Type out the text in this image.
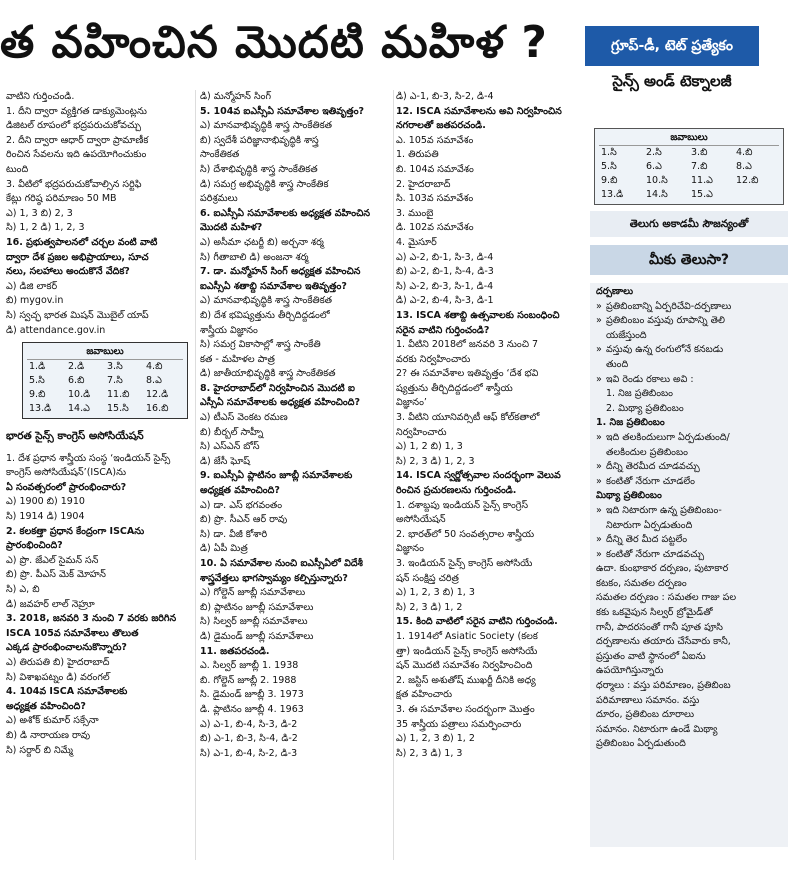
త వహించిన మొదటి మహిళ ?	గ్రూప్‌-డీ, టెట్ ప్రత్యేకం
సైన్స్ అండ్ టెక్నాలజీ
వాటిని గుర్తించండి.
1. దీని ద్వారా వ్యక్తిగత డాక్యుమెంట్లను
డిజిటల్ రూపంలో భద్రపరుచుకోవచ్చు
2. దీని ద్వారా ఆధార్ ద్వారా ప్రామాణీక
రించిన సేవలను ఇది ఉపయోగించుకుం
టుంది
3. వీటిలో భద్రపరుచుకోవాల్సిన సర్టిఫి
కేట్లు గరిష్ఠ పరిమాణం 50 MB
ఎ) 1, 3 బి) 2, 3
సి) 1, 2 డి) 1, 2, 3
16. ప్రభుత్వపాలనలో చర్చల వంటి వాటి
ద్వారా దేశ ప్రజల అభిప్రాయాలు, సూచ
నలు, సలహాలు అందుకొనే వేదిక?
ఎ) డిజి లాకర్
బి) mygov.in
సి) స్వచ్ఛ భారత మిషన్ మొబైల్ యాప్
డి) attendance.gov.in
జవాబులు
1.డి	2.డి	3.సి	4.బి
5.సి	6.బి	7.సి	8.ఎ
9.బి	10.డి	11.బి	12.డి
13.డి	14.ఎ	15.సి	16.బి
భారత సైన్స్ కాంగ్రెస్ అసోసియేషన్
1. దేశ ప్రధాన శాస్త్రీయ సంస్థ ‘ఇండియన్ సైన్స్
కాంగ్రెస్ అసోసియేషన్’(ISCA)ను
ఏ సంవత్సరంలో ప్రారంభించారు?
ఎ) 1900 బి) 1910
సి) 1914 డి) 1904
2. కలకత్తా ప్రధాన కేంద్రంగా ISCAను
ప్రారంభించింది?
ఎ) ప్రొ. జేఎల్ సైమన్ సన్
బి) ప్రొ. పీఎస్ మెక్ మోహన్
సి) ఎ, బి
డి) జవహర్ లాల్ నెహ్రూ
3. 2018, జనవరి 3 నుంచి 7 వరకు జరిగిన
ISCA 105వ సమావేశాలు తొలుత
ఎక్కడ ప్రారంభించాలనుకొన్నారు?
ఎ) తిరుపతి బి) హైదరాబాద్
సి) విశాఖపట్నం డి) వరంగల్
4. 104వ ISCA సమావేశాలకు
అధ్యక్షత వహించింది?
ఎ) అశోక్ కుమార్ సక్సేనా
బి) డి నారాయణ రావు
సి) సర్దార్ బి నిమ్మే
డి) మన్మోహన్ సింగ్
5. 104వ ఐఎస్సీఏ సమావేశాల ఇతివృత్తం?
ఎ) మానవాభివృద్ధికి శాస్త్ర సాంకేతికత
బి) స్వదేశీ పరిజ్ఞానాభివృద్ధికి శాస్త్ర
సాంకేతికత
సి) దేశాభివృద్ధికి శాస్త్ర సాంకేతికత
డి) సమగ్ర అభివృద్ధికి శాస్త్ర సాంకేతిక
పరిశ్రమలు
6. ఐఎస్సీఏ సమావేశాలకు అధ్యక్షత వహించిన
మొదటి మహిళ?
ఎ) అసీమా ఛటర్జీ బి) అర్చనా శర్మ
సి) గీతాబాలి డి) అంజనా శర్మ
7. డా. మన్మోహన్ సింగ్ అధ్యక్షత వహించిన
ఐఎస్సీఏ శతాబ్ది సమావేశాల ఇతివృత్తం?
ఎ) మానవాభివృద్ధికి శాస్త్ర సాంకేతికత
బి) దేశ భవిష్యత్తును తీర్చిదిద్దడంలో
శాస్త్రీయ విజ్ఞానం
సి) సమగ్ర వికాసాల్లో శాస్త్ర సాంకేతి
కత - మహిళల పాత్ర
డి) జాతీయాభివృద్ధికి శాస్త్ర సాంకేతికత
8. హైదరాబాద్‌లో నిర్వహించిన మొదటి ఐ
ఎస్సీఏ సమావేశాలకు అధ్యక్షత వహించింది?
ఎ) టీఎస్ వెంకట రమణ
బి) బీర్బల్ సాహ్నీ
సి) ఎస్ఎన్ బోస్
డి) జేసీ ఘోష్
9. ఐఎస్సీఏ ప్లాటినం జూబ్లీ సమావేశాలకు
అధ్యక్షత వహించింది?
ఎ) డా. ఎస్ భగవంతం
బి) ప్రొ. సీఎన్ ఆర్ రావు
సి) డా. వీజీ కోశారి
డి) ఏపీ మిత్ర
10. ఏ సమావేశాల నుంచి ఐఎస్సీఏలో విదేశీ
శాస్త్రవేత్తలు భాగస్వామ్యం కల్పిస్తున్నారు?
ఎ) గోల్డెన్ జూబ్లీ సమావేశాలు
బి) ప్లాటినం జూబ్లీ సమావేశాలు
సి) సిల్వర్ జూబ్లీ సమావేశాలు
డి) డైమండ్ జూబ్లీ సమావేశాలు
11. జతపరచండి.
ఎ. సిల్వర్ జూబ్లీ 1. 1938
బి. గోల్డెన్ జూబ్లీ 2. 1988
సి. డైమండ్ జూబ్లీ 3. 1973
డి. ప్లాటినం జూబ్లీ 4. 1963
ఎ) ఎ-1, బి-4, సి-3, డి-2
బి) ఎ-1, బి-3, సి-4, డి-2
సి) ఎ-1, బి-4, సి-2, డి-3
డి) ఎ-1, బి-3, సి-2, డి-4
12. ISCA సమావేశాలను అవి నిర్వహించిన
నగరాలతో జతపరచండి.
ఎ. 105వ సమావేశం
1. తిరుపతి
బి. 104వ సమావేశం
2. హైదరాబాద్
సి. 103వ సమావేశం
3. ముంబై
డి. 102వ సమావేశం
4. మైసూర్
ఎ) ఎ-2, బి-1, సి-3, డి-4
బి) ఎ-2, బి-1, సి-4, డి-3
సి) ఎ-2, బి-3, సి-1, డి-4
డి) ఎ-2, బి-4, సి-3, డి-1
13. ISCA శతాబ్ది ఉత్సవాలకు సంబంధించి
సరైన వాటిని గుర్తించండి?
1. వీటిని 2018లో జనవరి 3 నుంచి 7
వరకు నిర్వహించారు
2? ఈ సమావేశాల ఇతివృత్తం ‘దేశ భవి
ష్యత్తును తీర్చిదిద్దడంలో శాస్త్రీయ
విజ్ఞానం’
3. వీటిని యూనివర్సిటీ ఆఫ్ కోల్‌కతాలో
నిర్వహించారు
ఎ) 1, 2 బి) 1, 3
సి) 2, 3 డి) 1, 2, 3
14. ISCA స్వర్ణోత్సవాల సందర్భంగా వెలువ
రించిన ప్రచురణలను గుర్తించండి.
1. దశాబ్దపు ఇండియన్ సైన్స్ కాంగ్రెస్
అసోసియేషన్
2. భారత్‌లో 50 సంవత్సరాల శాస్త్రీయ
విజ్ఞానం
3. ఇండియన్ సైన్స్ కాంగ్రెస్ అసోసియే
షన్ సంక్షిప్త చరిత్ర
ఎ) 1, 2, 3 బి) 1, 3
సి) 2, 3 డి) 1, 2
15. కింది వాటిలో సరైన వాటిని గుర్తించండి.
1. 1914లో Asiatic Society (కలక
త్తా) ఇండియన్ సైన్స్ కాంగ్రెస్ అసోసియే
షన్ మొదటి సమావేశం నిర్వహించింది
2. జస్టిస్ అశుతోష్ ముఖర్జీ దీనికి అధ్య
క్షత వహించారు
3. ఈ సమావేశాల సందర్భంగా మొత్తం
35 శాస్త్రీయ పత్రాలు సమర్పించారు
ఎ) 1, 2, 3 బి) 1, 2
సి) 2, 3 డి) 1, 3
జవాబులు
1.సి	2.సి	3.బి	4.బి
5.సి	6.ఎ	7.బి	8.ఎ
9.బి	10.సి	11.ఎ	12.బి
13.డి	14.సి	15.ఎ	
తెలుగు అకాడమీ సౌజన్యంతో
మీకు తెలుసా?
దర్పణాలు
» ప్రతిబింబాన్ని ఏర్పరిచేవి-దర్పణాలు
» ప్రతిబింబం వస్తువు రూపాన్ని తెలి
యజేస్తుంది
» వస్తువు ఉన్న రంగులోనే కనబడు
తుంది
» ఇవి రెండు రకాలు అవి :
1. నిజ ప్రతిబింబం
2. మిథ్యా ప్రతిబింబం
1. నిజ ప్రతిబింబం
» ఇది తలకిందులుగా ఏర్పడుతుంది/
తలకిందుల ప్రతిబింబం
» దీన్ని తెరమీద చూడవచ్చు
» కంటితో నేరుగా చూడలేం
మిథ్యా ప్రతిబింబం
» ఇది నిటారుగా ఉన్న ప్రతిబింబం-
నిటారుగా ఏర్పడుతుంది
» దీన్ని తెర మీద పట్టలేం
» కంటితో నేరుగా చూడవచ్చు
ఉదా. కుంభాకార దర్పణం, పుటాకార
కటకం, సమతల దర్పణం
సమతల దర్పణం : సమతల గాజు పల
కకు ఒకవైపున సిల్వర్ బ్రోమైడ్‌తో
గానీ, పాదరసంతో గానీ పూత పూసి
దర్పణాలను తయారు చేసేవారు కానీ,
ప్రస్తుతం వాటి స్థానంలో ఏఐను
ఉపయోగిస్తున్నారు
ధర్మాలు : వస్తు పరిమాణం, ప్రతిబింబ
పరిమాణాలు సమానం. వస్తు
దూరం, ప్రతిబింబ దూరాలు
సమానం. నిటారుగా ఉండే మిథ్యా
ప్రతిబింబం ఏర్పడుతుంది
